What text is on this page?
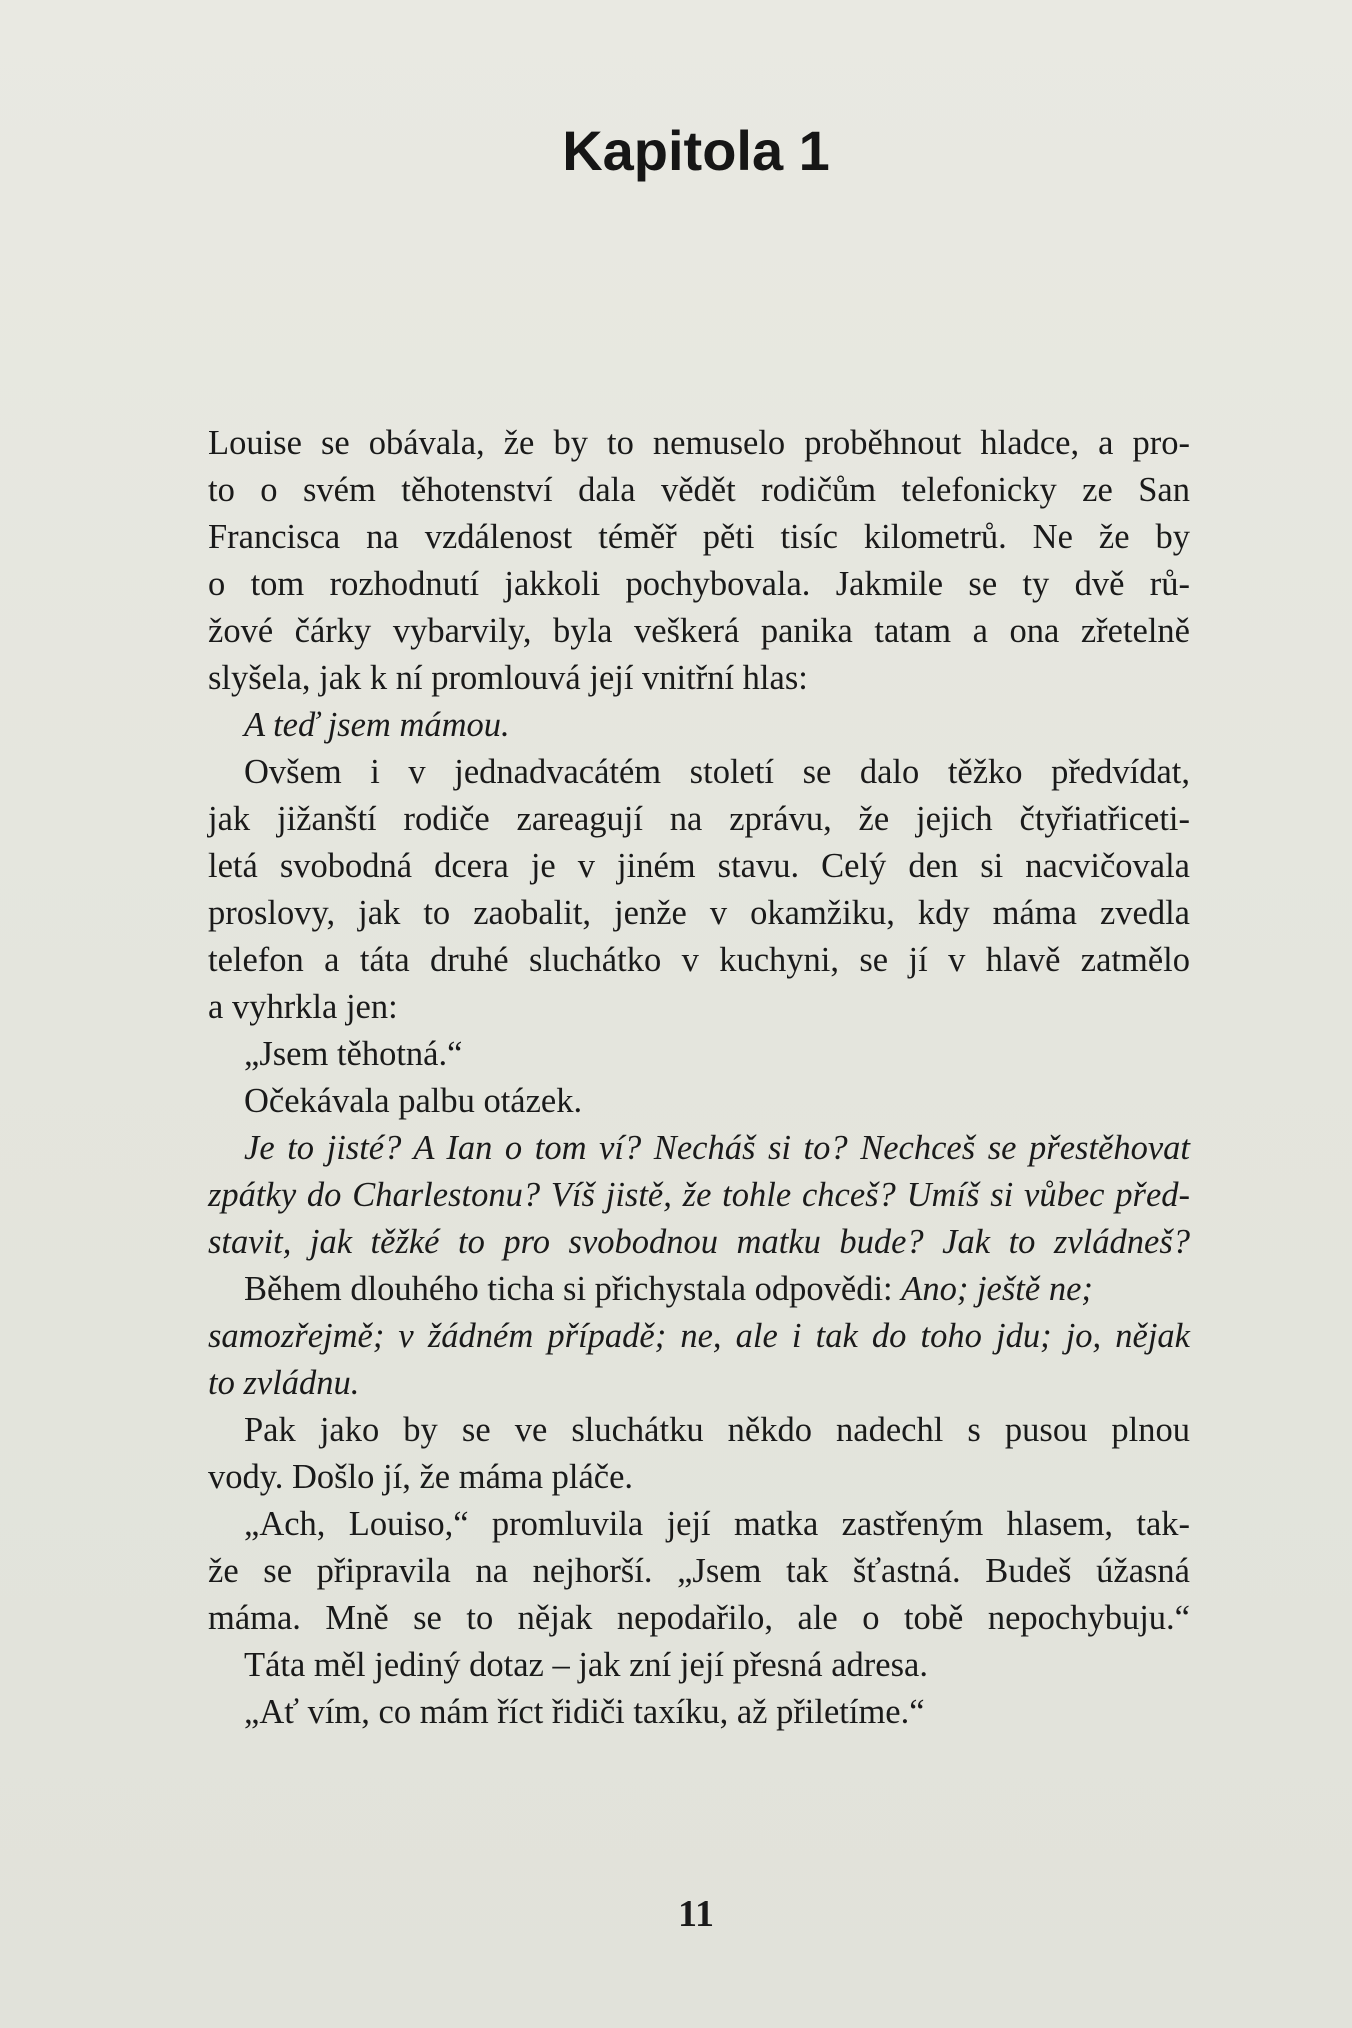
Kapitola 1
Louise se obávala, že by to nemuselo proběhnout hladce, a pro-
to o svém těhotenství dala vědět rodičům telefonicky ze San
Francisca na vzdálenost téměř pěti tisíc kilometrů. Ne že by
o tom rozhodnutí jakkoli pochybovala. Jakmile se ty dvě rů-
žové čárky vybarvily, byla veškerá panika tatam a ona zřetelně
slyšela, jak k ní promlouvá její vnitřní hlas:
A teď jsem mámou.
Ovšem i v jednadvacátém století se dalo těžko předvídat,
jak jižanští rodiče zareagují na zprávu, že jejich čtyřiatřiceti-
letá svobodná dcera je v jiném stavu. Celý den si nacvičovala
proslovy, jak to zaobalit, jenže v okamžiku, kdy máma zvedla
telefon a táta druhé sluchátko v kuchyni, se jí v hlavě zatmělo
a vyhrkla jen:
„Jsem těhotná.“
Očekávala palbu otázek.
Je to jisté? A Ian o tom ví? Necháš si to? Nechceš se přestěhovat
zpátky do Charlestonu? Víš jistě, že tohle chceš? Umíš si vůbec před-
stavit, jak těžké to pro svobodnou matku bude? Jak to zvládneš?
Během dlouhého ticha si přichystala odpovědi: Ano; ještě ne;
samozřejmě; v žádném případě; ne, ale i tak do toho jdu; jo, nějak
to zvládnu.
Pak jako by se ve sluchátku někdo nadechl s pusou plnou
vody. Došlo jí, že máma pláče.
„Ach, Louiso,“ promluvila její matka zastřeným hlasem, tak-
že se připravila na nejhorší. „Jsem tak šťastná. Budeš úžasná
máma. Mně se to nějak nepodařilo, ale o tobě nepochybuju.“
Táta měl jediný dotaz – jak zní její přesná adresa.
„Ať vím, co mám říct řidiči taxíku, až přiletíme.“
11
